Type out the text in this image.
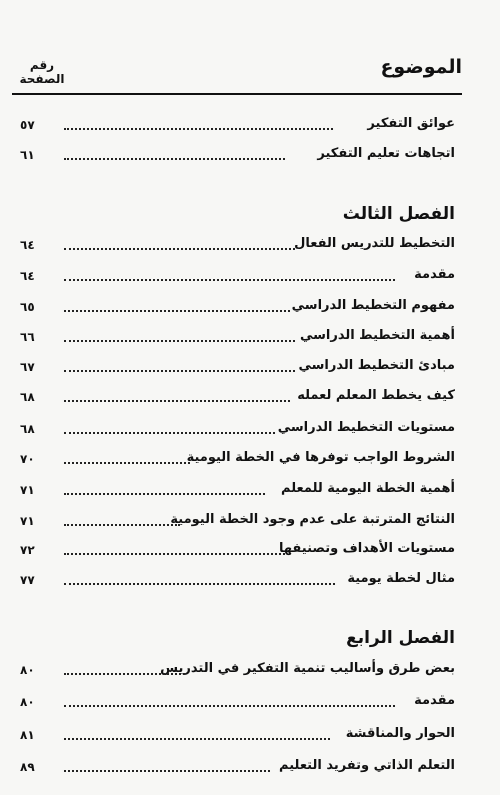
الموضوع
رقم
الصفحة
عوائق التفكير
٥٧
اتجاهات تعليم التفكير
٦١
الفصل الثالث
التخطيط للتدريس الفعال
٦٤
مقدمة
٦٤
مفهوم التخطيط الدراسي
٦٥
أهمية التخطيط الدراسي
٦٦
مبادئ التخطيط الدراسي
٦٧
كيف يخطط المعلم لعمله
٦٨
مستويات التخطيط الدراسي
٦٨
الشروط الواجب توفرها في الخطة اليومية
٧٠
أهمية الخطة اليومية للمعلم
٧١
النتائج المترتبة على عدم وجود الخطة اليومية
٧١
مستويات الأهداف وتصنيفها
٧٢
مثال لخطة يومية
٧٧
الفصل الرابع
بعض طرق وأساليب تنمية التفكير في التدريس
٨٠
مقدمة
٨٠
الحوار والمناقشة
٨١
التعلم الذاتي وتفريد التعليم
٨٩
